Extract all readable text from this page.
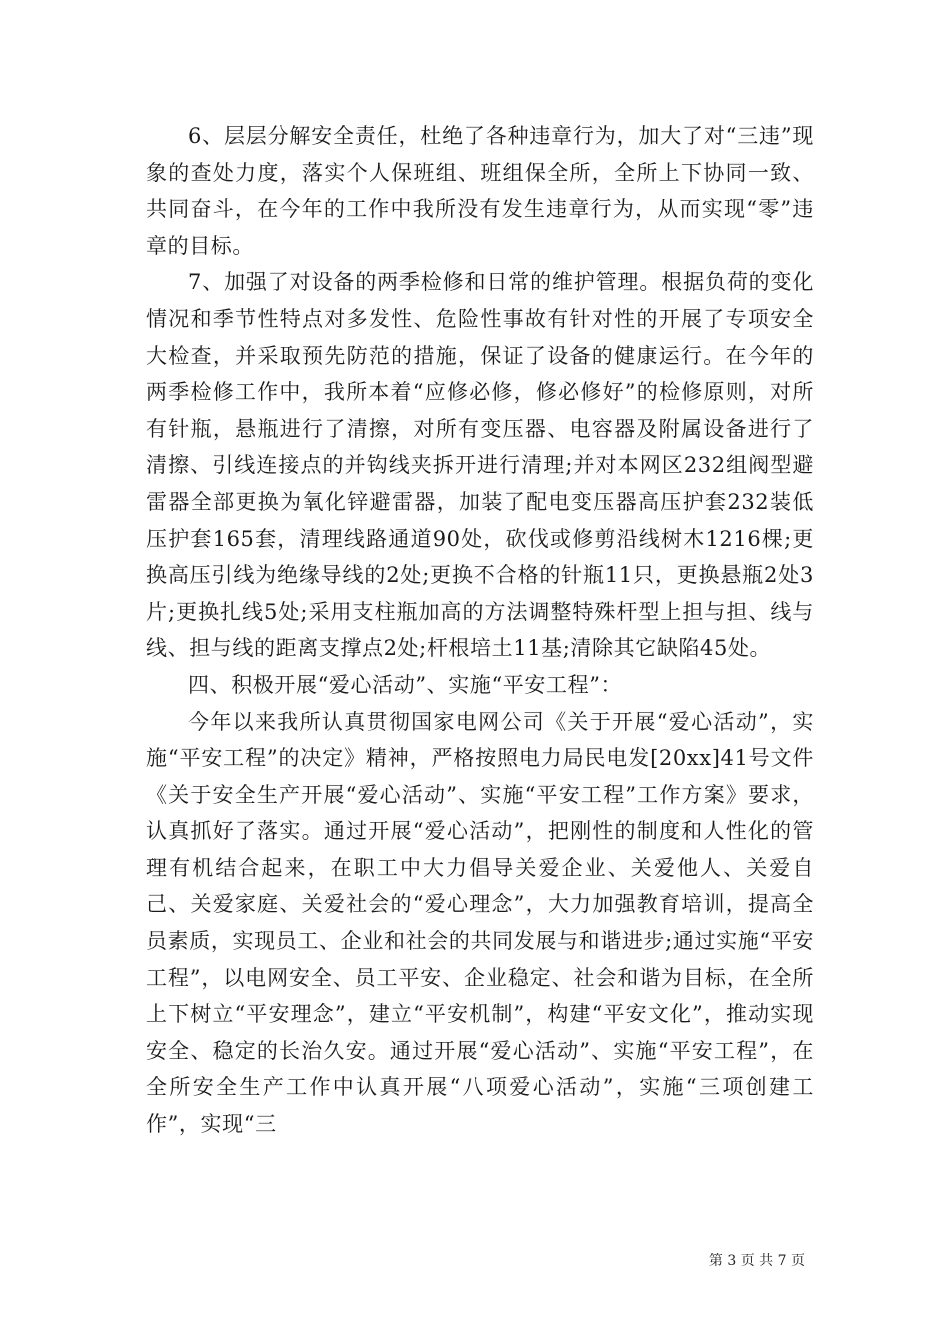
6、层层分解安全责任，杜绝了各种违章行为，加大了对“三违”现象的查处力度，落实个人保班组、班组保全所，全所上下协同一致、共同奋斗，在今年的工作中我所没有发生违章行为，从而实现“零”违章的目标。

7、加强了对设备的两季检修和日常的维护管理。根据负荷的变化情况和季节性特点对多发性、危险性事故有针对性的开展了专项安全大检查，并采取预先防范的措施，保证了设备的健康运行。在今年的两季检修工作中，我所本着“应修必修，修必修好”的检修原则，对所有针瓶，悬瓶进行了清擦，对所有变压器、电容器及附属设备进行了清擦、引线连接点的并钩线夹拆开进行清理;并对本网区232组阀型避雷器全部更换为氧化锌避雷器，加装了配电变压器高压护套232装低压护套165套，清理线路通道90处，砍伐或修剪沿线树木1216棵;更换高压引线为绝缘导线的2处;更换不合格的针瓶11只，更换悬瓶2处3片;更换扎线5处;采用支柱瓶加高的方法调整特殊杆型上担与担、线与线、担与线的距离支撑点2处;杆根培土11基;清除其它缺陷45处。

四、积极开展“爱心活动”、实施“平安工程”：

今年以来我所认真贯彻国家电网公司《关于开展“爱心活动”，实施“平安工程”的决定》精神，严格按照电力局民电发[20xx]41号文件《关于安全生产开展“爱心活动”、实施“平安工程”工作方案》要求，认真抓好了落实。通过开展“爱心活动”，把刚性的制度和人性化的管理有机结合起来，在职工中大力倡导关爱企业、关爱他人、关爱自己、关爱家庭、关爱社会的“爱心理念”，大力加强教育培训，提高全员素质，实现员工、企业和社会的共同发展与和谐进步;通过实施“平安工程”，以电网安全、员工平安、企业稳定、社会和谐为目标，在全所上下树立“平安理念”，建立“平安机制”，构建“平安文化”，推动实现安全、稳定的长治久安。通过开展“爱心活动”、实施“平安工程”，在全所安全生产工作中认真开展“八项爱心活动”，实施“三项创建工作”，实现“三

第 3 页 共 7 页
